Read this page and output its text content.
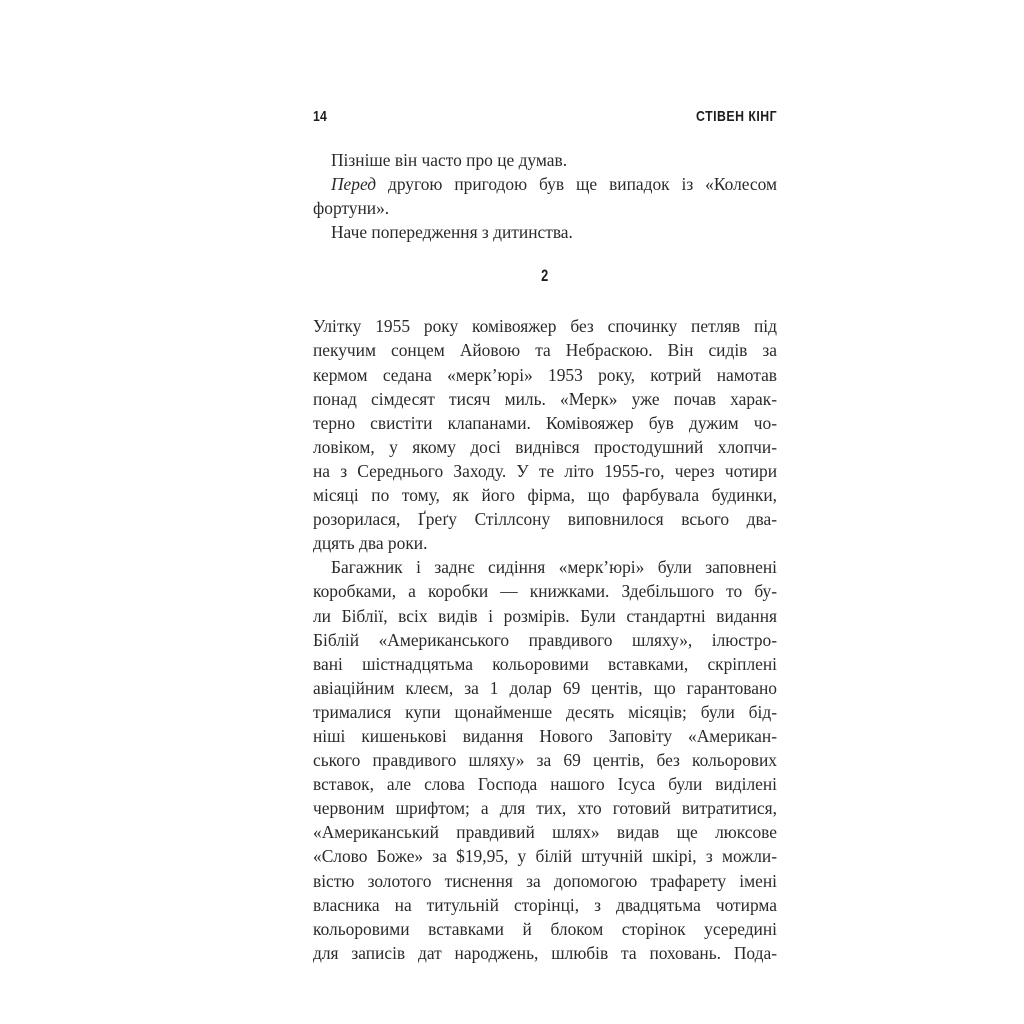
14	СТІВЕН КІНГ

Пізніше він часто про це думав.

Перед другою пригодою був ще випадок із «Колесом
фортуни».

Наче попередження з дитинства.

2

Улітку 1955 року комівояжер без спочинку петляв під
пекучим сонцем Айовою та Небраскою. Він сидів за
кермом седана «мерк’юрі» 1953 року, котрий намотав
понад сімдесят тисяч миль. «Мерк» уже почав харак-
терно свистіти клапанами. Комівояжер був дужим чо-
ловіком, у якому досі виднівся простодушний хлопчи-
на з Середнього Заходу. У те літо 1955-го, через чотири
місяці по тому, як його фірма, що фарбувала будинки,
розорилася, Ґреґу Стіллсону виповнилося всього два-
дцять два роки.

Багажник і заднє сидіння «мерк’юрі» були заповнені
коробками, а коробки — книжками. Здебільшого то бу-
ли Біблії, всіх видів і розмірів. Були стандартні видання
Біблій «Американського правдивого шляху», ілюстро-
вані шістнадцятьма кольоровими вставками, скріплені
авіаційним клеєм, за 1 долар 69 центів, що гарантовано
трималися купи щонайменше десять місяців; були бід-
ніші кишенькові видання Нового Заповіту «Американ-
ського правдивого шляху» за 69 центів, без кольорових
вставок, але слова Господа нашого Ісуса були виділені
червоним шрифтом; а для тих, хто готовий витратитися,
«Американський правдивий шлях» видав ще люксове
«Слово Боже» за $19,95, у білій штучній шкірі, з можли-
вістю золотого тиснення за допомогою трафарету імені
власника на титульній сторінці, з двадцятьма чотирма
кольоровими вставками й блоком сторінок усередині
для записів дат народжень, шлюбів та поховань. Пода-
